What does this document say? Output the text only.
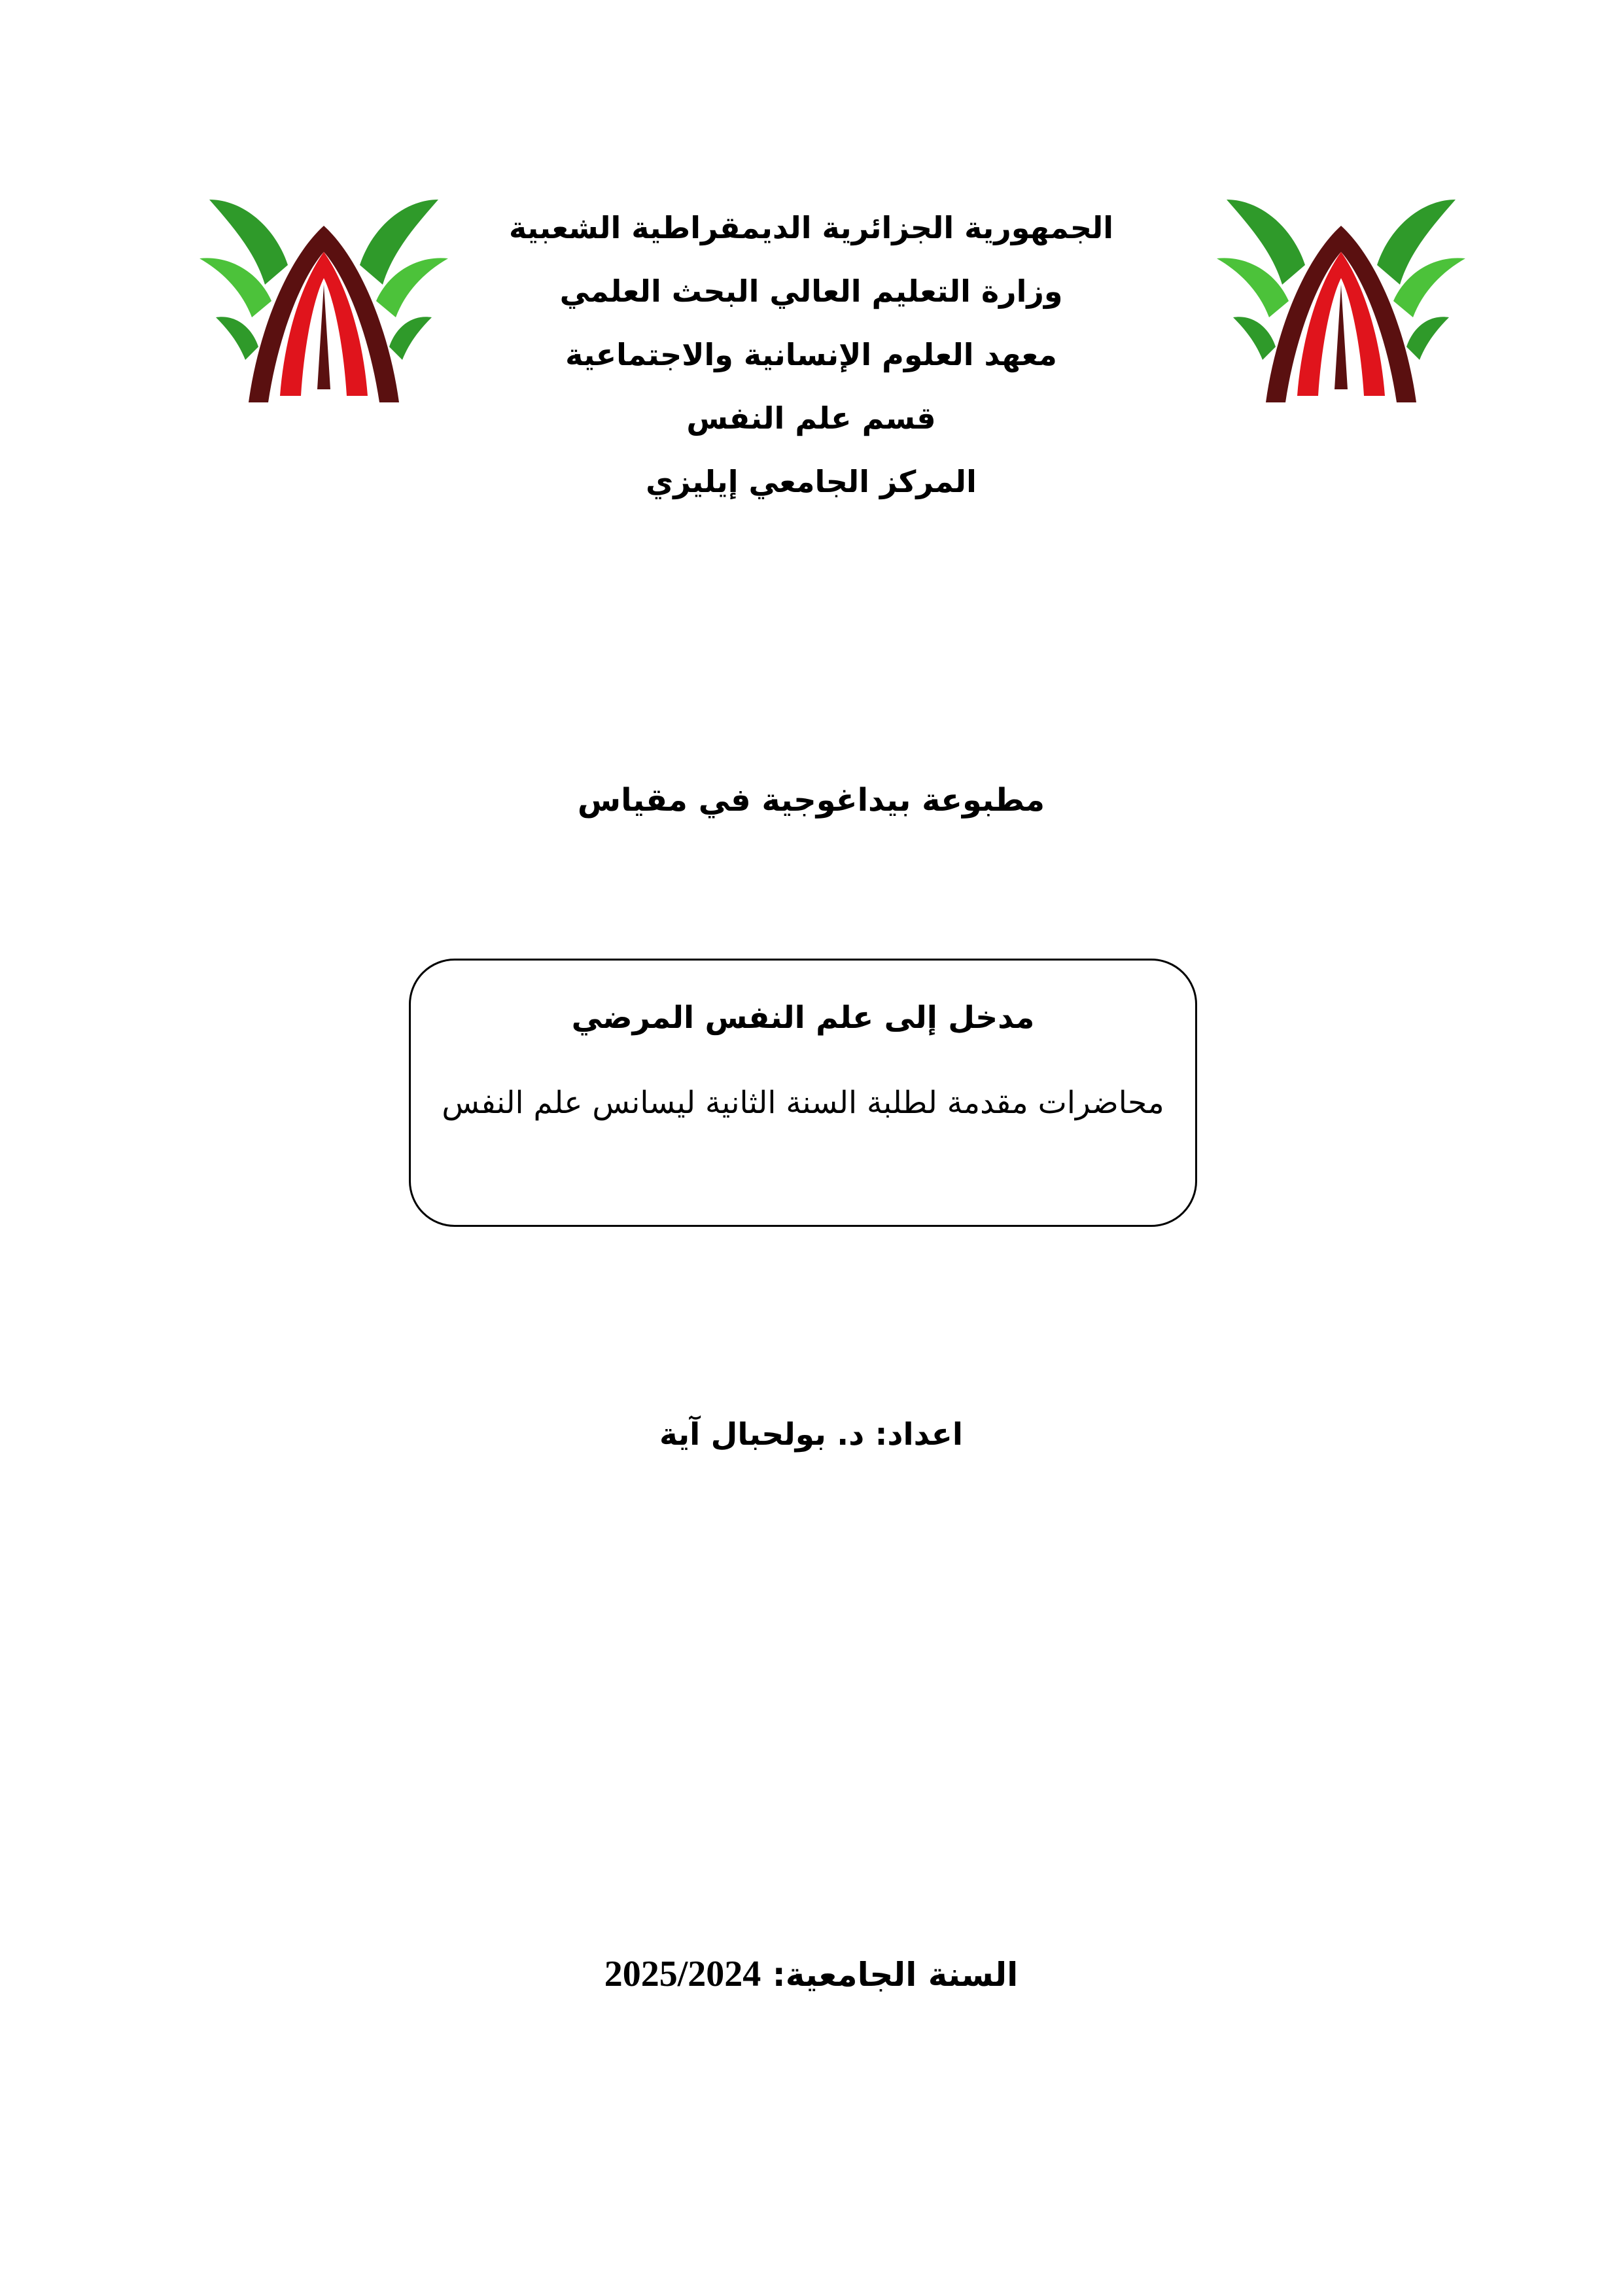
الجمهورية الجزائرية الديمقراطية الشعبية
وزارة التعليم العالي البحث العلمي
معهد العلوم الإنسانية والاجتماعية
قسم علم النفس
المركز الجامعي إيليزي
مطبوعة بيداغوجية في مقياس
مدخل إلى علم النفس المرضي
محاضرات مقدمة لطلبة السنة الثانية ليسانس علم النفس
اعداد: د. بولحبال آية
السنة الجامعية: 2025/2024
